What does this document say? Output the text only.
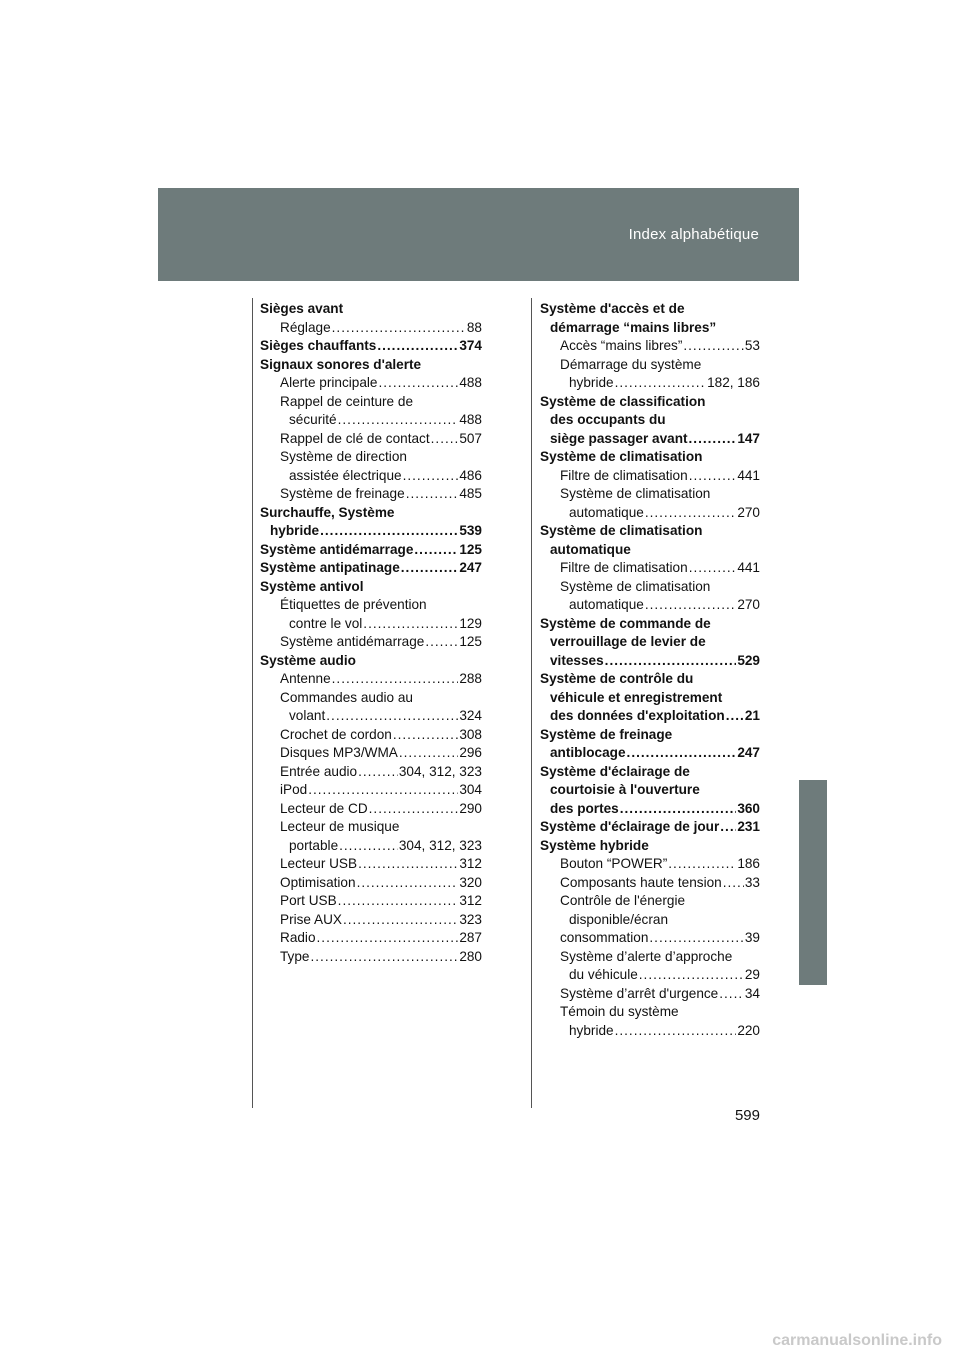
Index alphabétique
Sièges avant
Réglage .....	88
Sièges chauffants .....	374
Signaux sonores d'alerte
Alerte principale .....	488
Rappel de ceinture de
sécurité .....	488
Rappel de clé de contact ..... 507
Système de direction
assistée électrique .....	486
Système de freinage .....	485
Surchauffe, Système
hybride .....	539
Système antidémarrage .....	125
Système antipatinage .....	247
Système antivol
Étiquettes de prévention
contre le vol .....	129
Système antidémarrage .....	125
Système audio
Antenne .....	288
Commandes audio au
volant .....	324
Crochet de cordon .....	308
Disques MP3/WMA .....	296
Entrée audio .....	304, 312, 323
iPod .....	304
Lecteur de CD .....	290
Lecteur de musique
portable .....	304, 312, 323
Lecteur USB .....	312
Optimisation .....	320
Port USB .....	312
Prise AUX .....	323
Radio .....	287
Type .....	280
Système d'accès et de
démarrage “mains libres”
Accès “mains libres” .....	53
Démarrage du système
hybride .....	182, 186
Système de classification
des occupants du
siège passager avant .....	147
Système de climatisation
Filtre de climatisation .....	441
Système de climatisation
automatique .....	270
Système de climatisation
automatique
Filtre de climatisation .....	441
Système de climatisation
automatique .....	270
Système de commande de
verrouillage de levier de
vitesses .....	529
Système de contrôle du
véhicule et enregistrement
des données d'exploitation ..... 21
Système de freinage
antiblocage .....	247
Système d'éclairage de
courtoisie à l'ouverture
des portes .....	360
Système d'éclairage de jour ..... 231
Système hybride
Bouton “POWER” .....	186
Composants haute tension ..... 33
Contrôle de l'énergie
disponible/écran
consommation .....	39
Système d’alerte d’approche
du véhicule .....	29
Système d’arrêt d'urgence ..... 34
Témoin du système
hybride .....	220
599
carmanualsonline.info
